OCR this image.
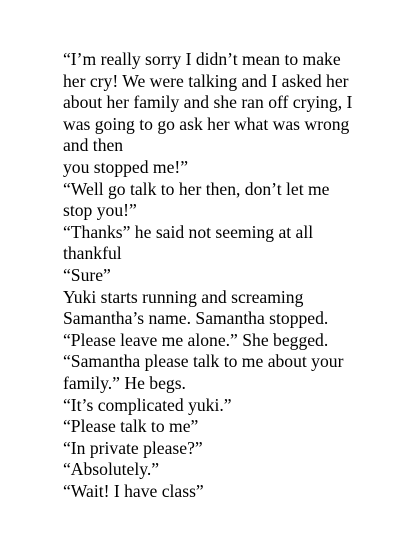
“I’m really sorry I didn’t mean to make
her cry! We were talking and I asked her
about her family and she ran off crying, I
was going to go ask her what was wrong
and then
you stopped me!”
“Well go talk to her then, don’t let me
stop you!”
“Thanks” he said not seeming at all
thankful
“Sure”
Yuki starts running and screaming
Samantha’s name. Samantha stopped.
“Please leave me alone.” She begged.
“Samantha please talk to me about your
family.” He begs.
“It’s complicated yuki.”
“Please talk to me”
“In private please?”
“Absolutely.”
“Wait! I have class”
